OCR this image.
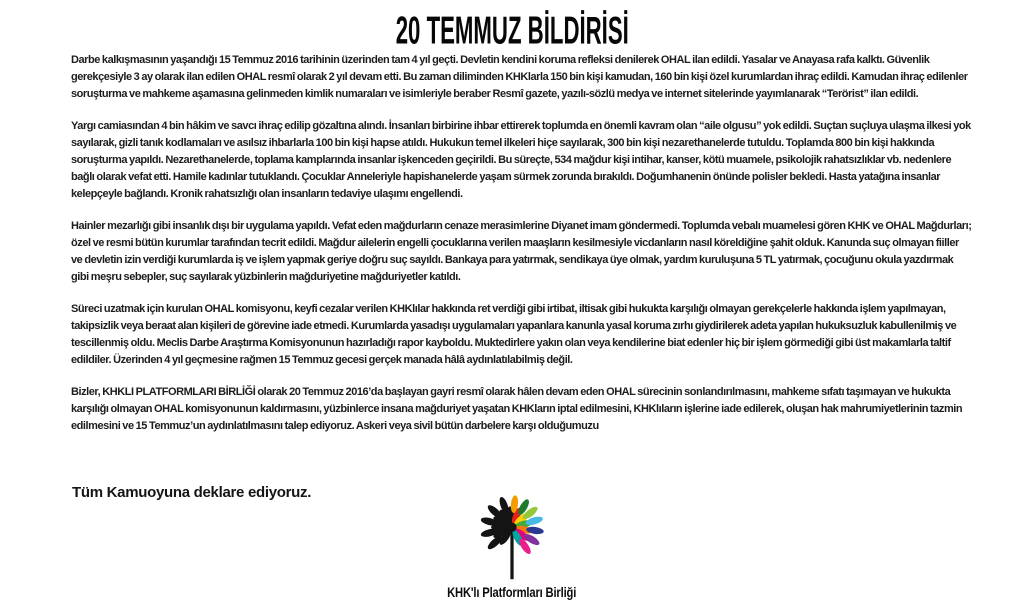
20 TEMMUZ BİLDİRİSİ

Darbe kalkışmasının yaşandığı 15 Temmuz 2016 tarihinin üzerinden tam 4 yıl geçti. Devletin kendini koruma refleksi denilerek OHAL ilan edildi. Yasalar ve Anayasa rafa kalktı. Güvenlik gerekçesiyle 3 ay olarak ilan edilen OHAL resmî olarak 2 yıl devam etti. Bu zaman diliminden KHKlarla 150 bin kişi kamudan, 160 bin kişi özel kurumlardan ihraç edildi. Kamudan ihraç edilenler soruşturma ve mahkeme aşamasına gelinmeden kimlik numaraları ve isimleriyle beraber Resmî gazete, yazılı-sözlü medya ve internet sitelerinde yayımlanarak “Terörist” ilan edildi.

Yargı camiasından 4 bin hâkim ve savcı ihraç edilip gözaltına alındı. İnsanları birbirine ihbar ettirerek toplumda en önemli kavram olan “aile olgusu” yok edildi. Suçtan suçluya ulaşma ilkesi yok sayılarak, gizli tanık kodlamaları ve asılsız ihbarlarla 100 bin kişi hapse atıldı. Hukukun temel ilkeleri hiçe sayılarak, 300 bin kişi nezarethanelerde tutuldu. Toplamda 800 bin kişi hakkında soruşturma yapıldı. Nezarethanelerde, toplama kamplarında insanlar işkenceden geçirildi. Bu süreçte, 534 mağdur kişi intihar, kanser, kötü muamele, psikolojik rahatsızlıklar vb. nedenlere bağlı olarak vefat etti. Hamile kadınlar tutuklandı. Çocuklar Anneleriyle hapishanelerde yaşam sürmek zorunda bırakıldı. Doğumhanenin önünde polisler bekledi. Hasta yatağına insanlar kelepçeyle bağlandı. Kronik rahatsızlığı olan insanların tedaviye ulaşımı engellendi.

Hainler mezarlığı gibi insanlık dışı bir uygulama yapıldı. Vefat eden mağdurların cenaze merasimlerine Diyanet imam göndermedi. Toplumda vebalı muamelesi gören KHK ve OHAL Mağdurları; özel ve resmi bütün kurumlar tarafından tecrit edildi. Mağdur ailelerin engelli çocuklarına verilen maaşların kesilmesiyle vicdanların nasıl köreldiğine şahit olduk. Kanunda suç olmayan fiiller ve devletin izin verdiği kurumlarda iş ve işlem yapmak geriye doğru suç sayıldı. Bankaya para yatırmak, sendikaya üye olmak, yardım kuruluşuna 5 TL yatırmak, çocuğunu okula yazdırmak gibi meşru sebepler, suç sayılarak yüzbinlerin mağduriyetine mağduriyetler katıldı.

Süreci uzatmak için kurulan OHAL komisyonu, keyfi cezalar verilen KHKlılar hakkında ret verdiği gibi irtibat, iltisak gibi hukukta karşılığı olmayan gerekçelerle hakkında işlem yapılmayan, takipsizlik veya beraat alan kişileri de görevine iade etmedi. Kurumlarda yasadışı uygulamaları yapanlara kanunla yasal koruma zırhı giydirilerek adeta yapılan hukuksuzluk kabullenilmiş ve tescillenmiş oldu. Meclis Darbe Araştırma Komisyonunun hazırladığı rapor kayboldu. Muktedirlere yakın olan veya kendilerine biat edenler hiç bir işlem görmediği gibi üst makamlarla taltif edildiler. Üzerinden 4 yıl geçmesine rağmen 15 Temmuz gecesi gerçek manada hâlâ aydınlatılabilmiş değil.

Bizler, KHKLI PLATFORMLARI BİRLİĞİ olarak 20 Temmuz 2016’da başlayan gayri resmî olarak hâlen devam eden OHAL sürecinin sonlandırılmasını, mahkeme sıfatı taşımayan ve hukukta karşılığı olmayan OHAL komisyonunun kaldırmasını, yüzbinlerce insana mağduriyet yaşatan KHKların iptal edilmesini, KHKlıların işlerine iade edilerek, oluşan hak mahrumiyetlerinin tazmin edilmesini ve 15 Temmuz’un aydınlatılmasını talep ediyoruz. Askeri veya sivil bütün darbelere karşı olduğumuzu

Tüm Kamuoyuna deklare ediyoruz.
KHK'lı Platformları Birliği
